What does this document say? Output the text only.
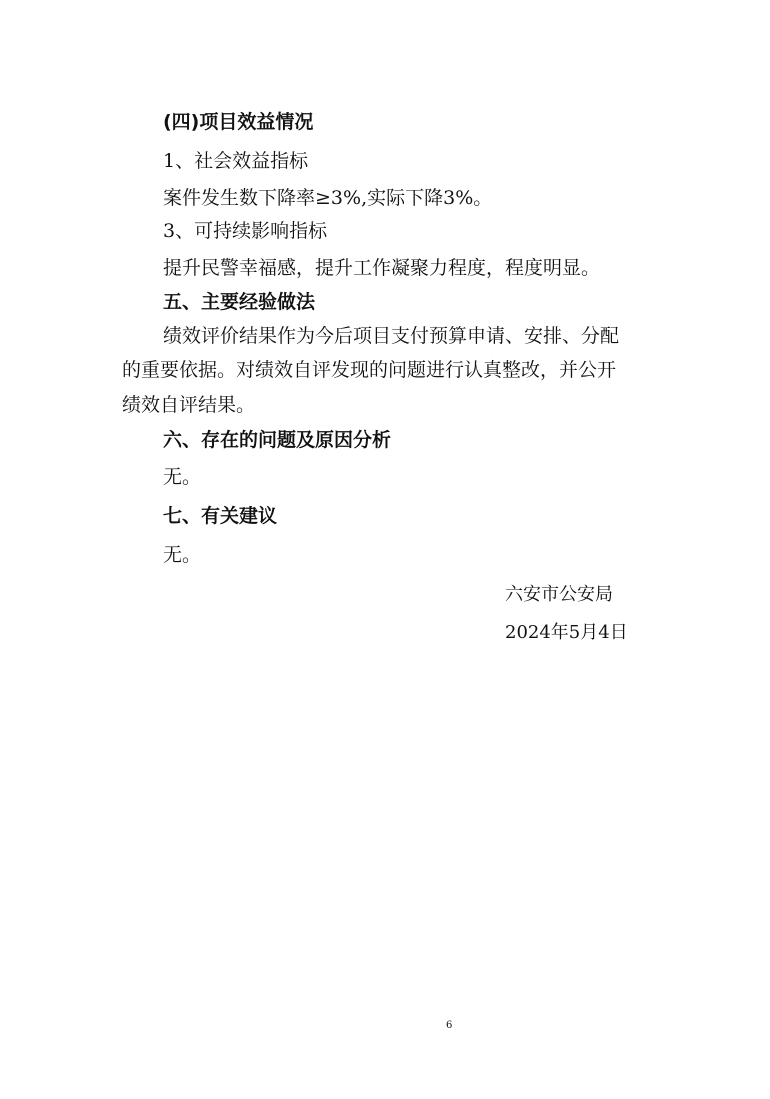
(四)项目效益情况
1、社会效益指标
案件发生数下降率≥3%,实际下降3%。
3、可持续影响指标
提升民警幸福感，提升工作凝聚力程度，程度明显。
五、主要经验做法
绩效评价结果作为今后项目支付预算申请、安排、分配
的重要依据。对绩效自评发现的问题进行认真整改，并公开
绩效自评结果。
六、存在的问题及原因分析
无。
七、有关建议
无。
六安市公安局
2024年5月4日
6
